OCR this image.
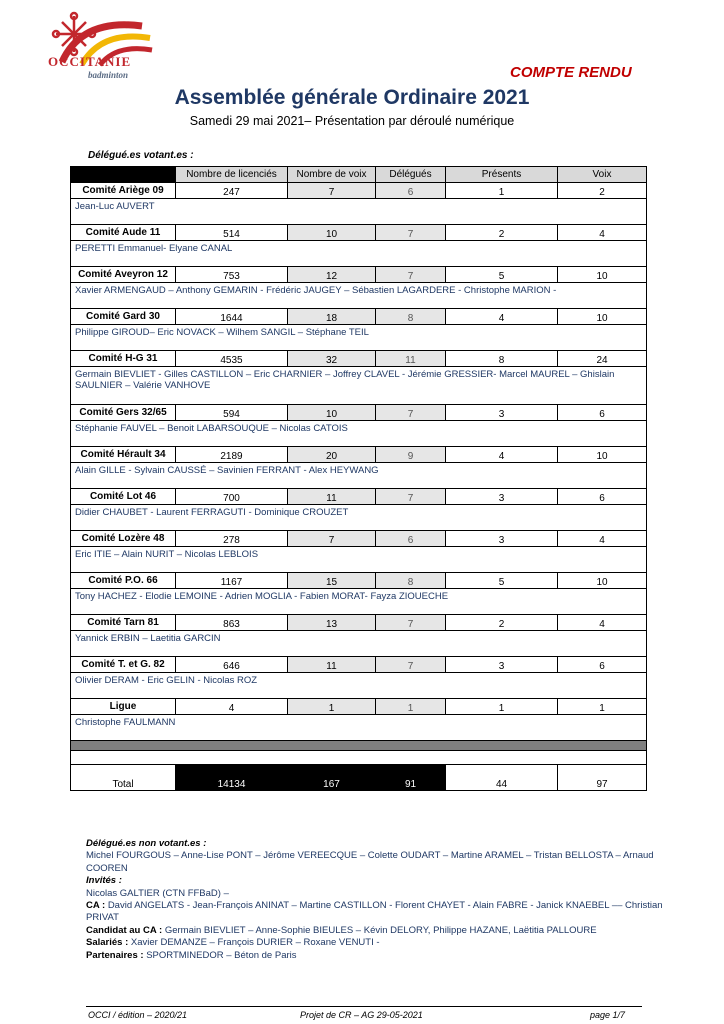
OCCITANIE
badminton	COMPTE RENDU
Assemblée générale Ordinaire 2021
Samedi 29 mai 2021– Présentation par déroulé numérique
Délégué.es votant.es :
	Nombre de licenciés	Nombre de voix	Délégués	Présents	Voix
Comité Ariège 09	247	7	6	1	2
Jean-Luc AUVERT					
Comité Aude 11	514	10	7	2	4
PERETTI Emmanuel- Elyane CANAL					
Comité Aveyron 12	753	12	7	5	10
Xavier ARMENGAUD – Anthony GEMARIN - Frédéric JAUGEY – Sébastien LAGARDERE - Christophe MARION -					
Comité Gard 30	1644	18	8	4	10
Philippe GIROUD– Eric NOVACK – Wilhem SANGIL – Stéphane TEIL					
Comité H-G 31	4535	32	11	8	24
Germain BIEVLIET - Gilles CASTILLON – Eric CHARNIER – Joffrey CLAVEL - Jérémie GRESSIER- Marcel MAUREL – Ghislain SAULNIER – Valérie VANHOVE					
Comité Gers 32/65	594	10	7	3	6
Stéphanie FAUVEL – Benoit LABARSOUQUE – Nicolas CATOIS					
Comité Hérault 34	2189	20	9	4	10
Alain GILLE - Sylvain CAUSSÉ – Savinien FERRANT - Alex HEYWANG					
Comité Lot 46	700	11	7	3	6
Didier CHAUBET - Laurent FERRAGUTI - Dominique CROUZET					
Comité Lozère 48	278	7	6	3	4
Eric ITIE – Alain NURIT – Nicolas LEBLOIS					
Comité P.O. 66	1167	15	8	5	10
Tony HACHEZ - Elodie LEMOINE - Adrien MOGLIA - Fabien MORAT- Fayza ZIOUECHE					
Comité Tarn 81	863	13	7	2	4
Yannick ERBIN – Laetitia GARCIN					
Comité T. et G. 82	646	11	7	3	6
Olivier DERAM - Eric GELIN - Nicolas ROZ					
Ligue	4	1	1	1	1
Christophe FAULMANN					

Total	14134	167	91	44	97
Délégué.es non votant.es :
Michel FOURGOUS – Anne-Lise PONT – Jérôme VEREECQUE – Colette OUDART – Martine ARAMEL – Tristan BELLOSTA – Arnaud COOREN
Invités :
Nicolas GALTIER (CTN FFBaD) –
CA : David ANGELATS - Jean-François ANINAT – Martine CASTILLON - Florent CHAYET - Alain FABRE - Janick KNAEBEL –– Christian PRIVAT
Candidat au CA : Germain BIEVLIET – Anne-Sophie BIEULES – Kévin DELORY, Philippe HAZANE, Laëtitia PALLOURE
Salariés : Xavier DEMANZE – François DURIER – Roxane VENUTI -
Partenaires : SPORTMINEDOR – Béton de Paris
OCCI / édition – 2020/21	Projet de CR – AG 29-05-2021	page 1/7
